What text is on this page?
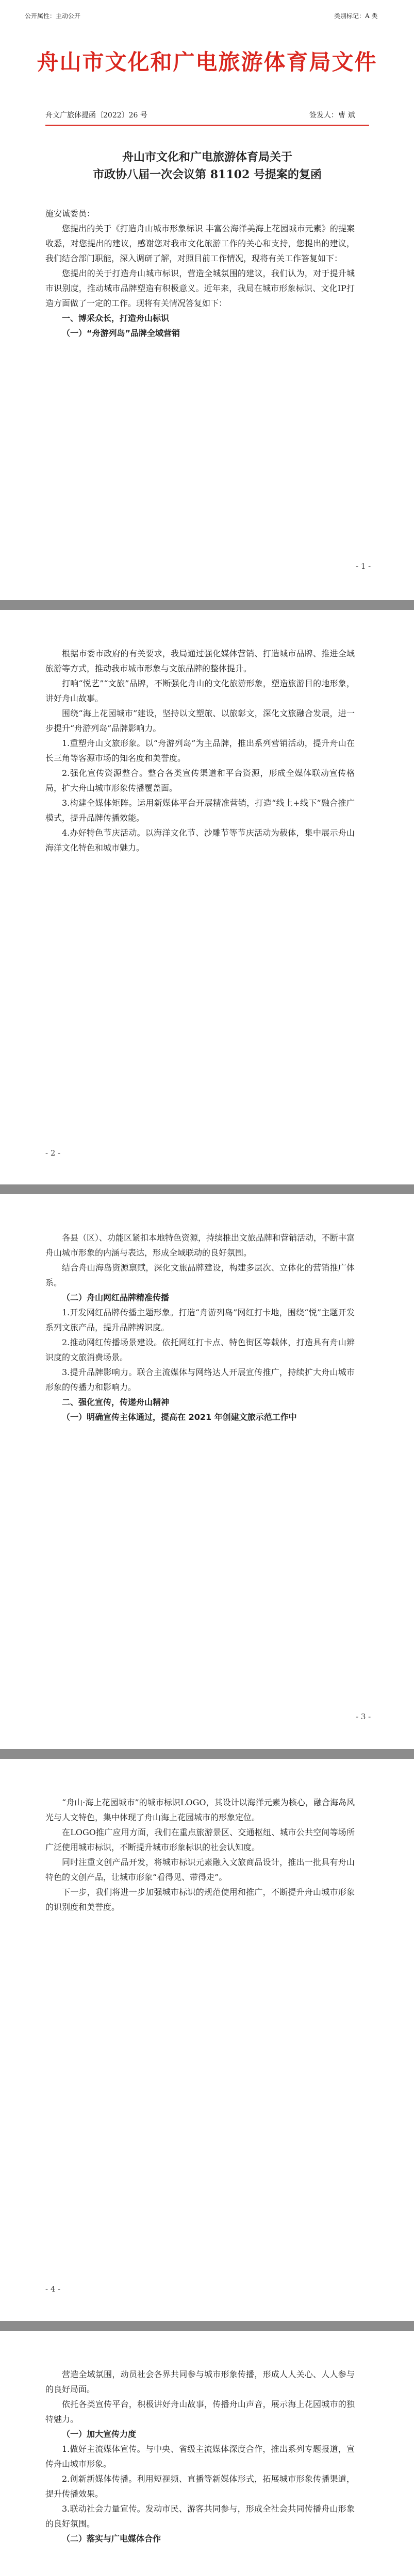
公开属性：主动公开	类别标记：A 类
舟山市文化和广电旅游体育局文件
舟文广旅体提函〔2022〕26 号	签发人：曹 斌
舟山市文化和广电旅游体育局关于
市政协八届一次会议第 81102 号提案的复函

施安诚委员：

您提出的关于《打造舟山城市形象标识 丰富公海洋美海上花园城市元素》的提案收悉，对您提出的建议，感谢您对我市文化旅游工作的关心和支持，您提出的建议，我们结合部门职能，深入调研了解，对照目前工作情况，现将有关工作答复如下：

您提出的关于打造舟山城市标识，营造全城氛围的建议，我们认为，对于提升城市识别度，推动城市品牌塑造有积极意义。近年来，我局在城市形象标识、文化IP打造方面做了一定的工作。现将有关情况答复如下：

一、博采众长，打造舟山标识

（一）“舟游列岛”品牌全域营销

- 1 -

根据市委市政府的有关要求，我局通过强化媒体营销、打造城市品牌、推进全域旅游等方式，推动我市城市形象与文旅品牌的整体提升。

打响“悦艺”“文旅”品牌，不断强化舟山的文化旅游形象，塑造旅游目的地形象，讲好舟山故事。

围绕“海上花园城市”建设，坚持以文塑旅、以旅彰文，深化文旅融合发展，进一步提升“舟游列岛”品牌影响力。

1.重塑舟山文旅形象。以“舟游列岛”为主品牌，推出系列营销活动，提升舟山在长三角等客源市场的知名度和美誉度。

2.强化宣传资源整合。整合各类宣传渠道和平台资源，形成全媒体联动宣传格局，扩大舟山城市形象传播覆盖面。

3.构建全媒体矩阵。运用新媒体平台开展精准营销，打造“线上+线下”融合推广模式，提升品牌传播效能。

4.办好特色节庆活动。以海洋文化节、沙雕节等节庆活动为载体，集中展示舟山海洋文化特色和城市魅力。

- 2 -

各县（区）、功能区紧扣本地特色资源，持续推出文旅品牌和营销活动，不断丰富舟山城市形象的内涵与表达，形成全域联动的良好氛围。

结合舟山海岛资源禀赋，深化文旅品牌建设，构建多层次、立体化的营销推广体系。

（二）舟山网红品牌精准传播

1.开发网红品牌传播主题形象。打造“舟游列岛”网红打卡地，围绕“悦”主题开发系列文旅产品，提升品牌辨识度。

2.推动网红传播场景建设。依托网红打卡点、特色街区等载体，打造具有舟山辨识度的文旅消费场景。

3.提升品牌影响力。联合主流媒体与网络达人开展宣传推广，持续扩大舟山城市形象的传播力和影响力。

二、强化宣传，传递舟山精神

（一）明确宣传主体通过，提高在 2021 年创建文旅示范工作中

- 3 -

“舟山·海上花园城市”的城市标识LOGO，其设计以海洋元素为核心，融合海岛风光与人文特色，集中体现了舟山海上花园城市的形象定位。

在LOGO推广应用方面，我们在重点旅游景区、交通枢纽、城市公共空间等场所广泛使用城市标识，不断提升城市形象标识的社会认知度。

同时注重文创产品开发，将城市标识元素融入文旅商品设计，推出一批具有舟山特色的文创产品，让城市形象“看得见、带得走”。

下一步，我们将进一步加强城市标识的规范使用和推广，不断提升舟山城市形象的识别度和美誉度。

- 4 -

营造全域氛围，动员社会各界共同参与城市形象传播，形成人人关心、人人参与的良好局面。

依托各类宣传平台，积极讲好舟山故事，传播舟山声音，展示海上花园城市的独特魅力。

（一）加大宣传力度

1.做好主流媒体宣传。与中央、省级主流媒体深度合作，推出系列专题报道，宣传舟山城市形象。

2.创新新媒体传播。利用短视频、直播等新媒体形式，拓展城市形象传播渠道，提升传播效果。

3.联动社会力量宣传。发动市民、游客共同参与，形成全社会共同传播舟山形象的良好氛围。

（二）落实与广电媒体合作
